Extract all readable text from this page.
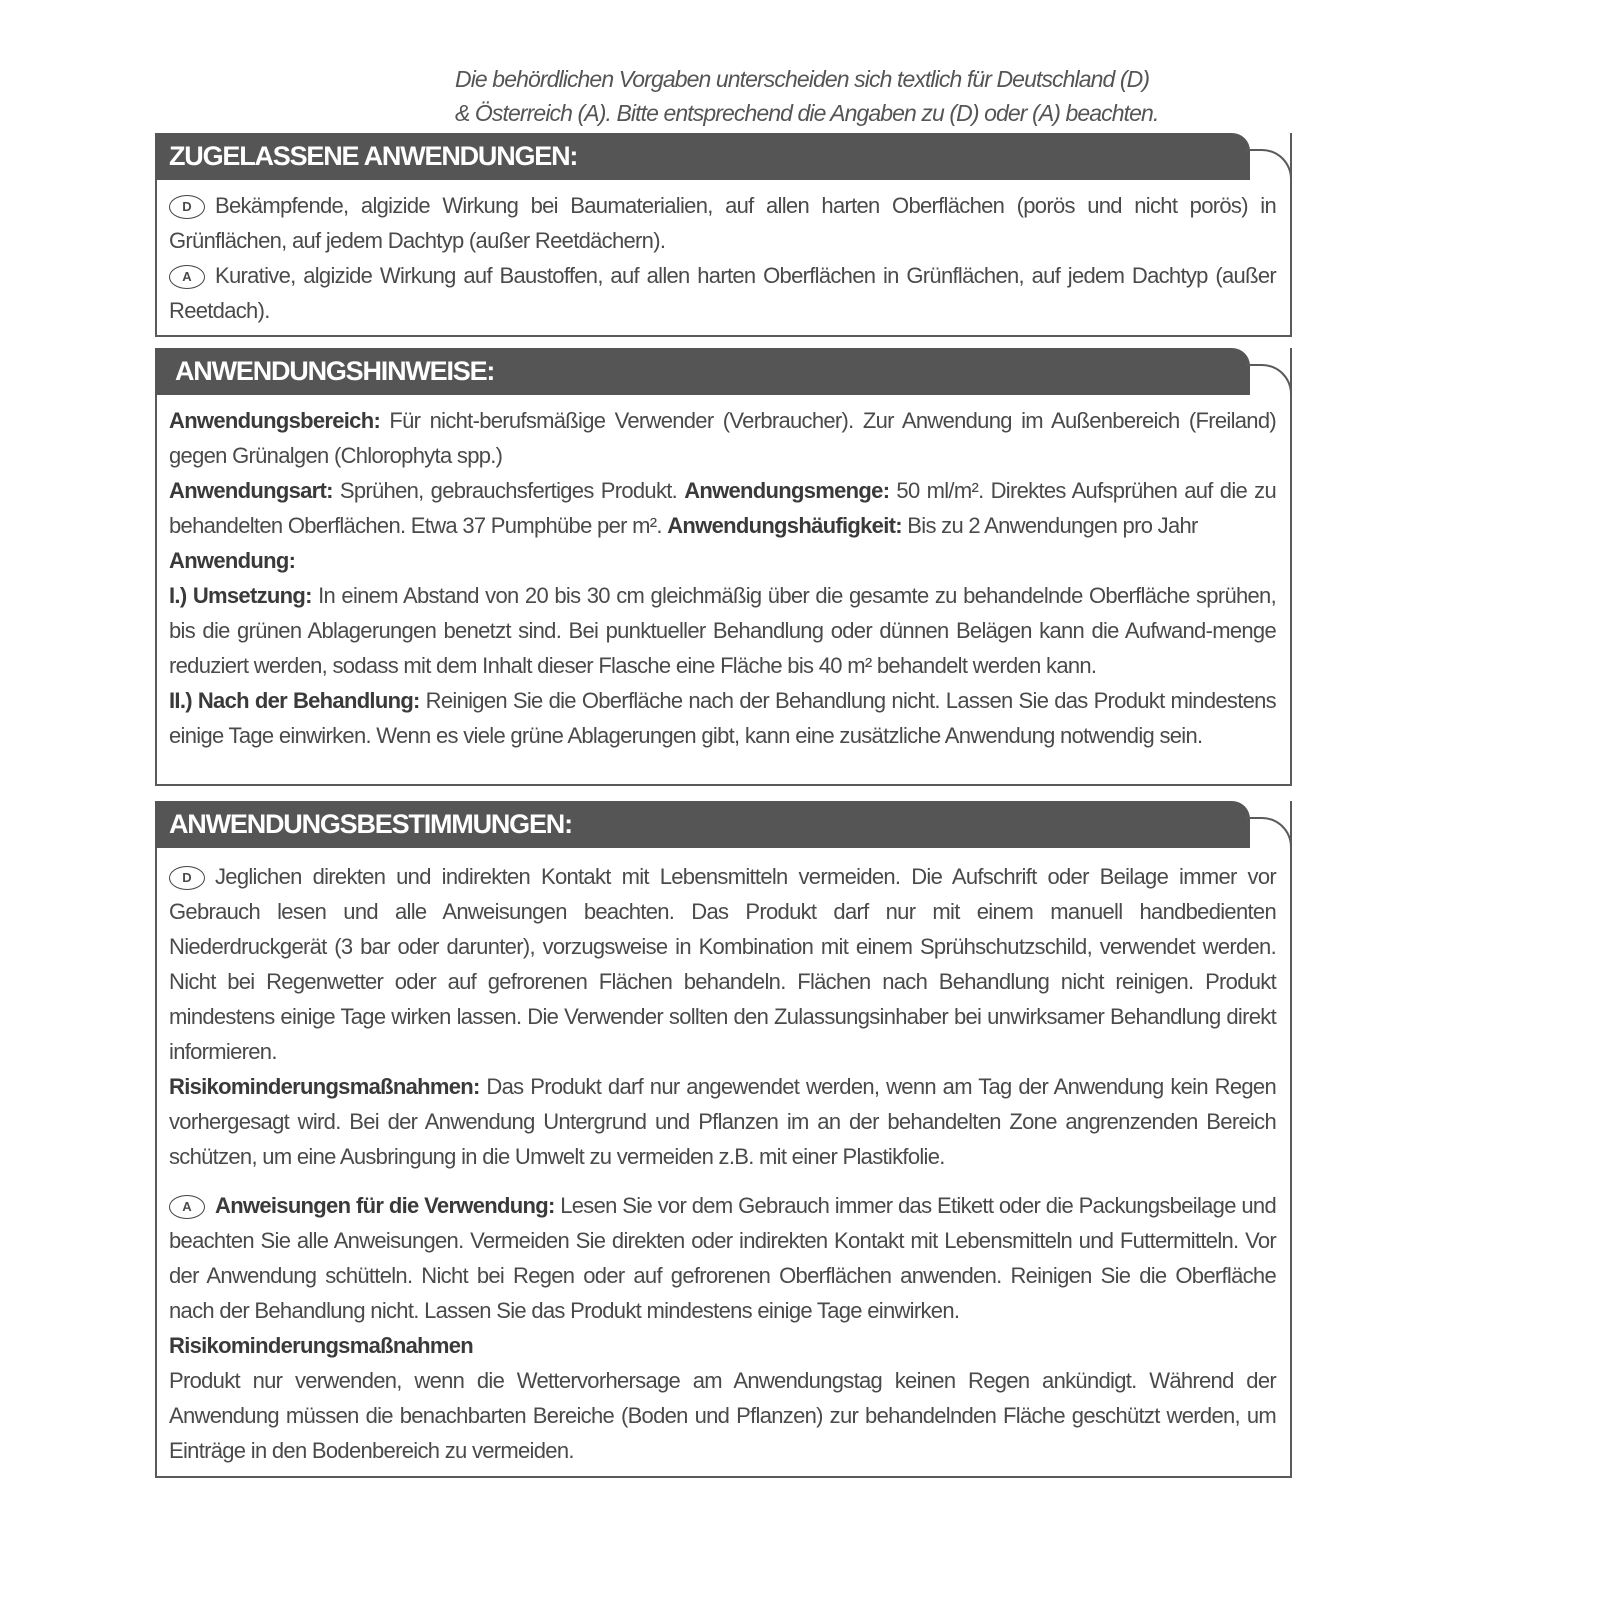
Die behördlichen Vorgaben unterscheiden sich textlich für Deutschland (D)
& Österreich (A). Bitte entsprechend die Angaben zu (D) oder (A) beachten.
ZUGELASSENE ANWENDUNGEN:

D Bekämpfende, algizide Wirkung bei Baumaterialien, auf allen harten Oberflächen (porös und nicht porös) in Grünflächen, auf jedem Dachtyp (außer Reetdächern).

A Kurative, algizide Wirkung auf Baustoffen, auf allen harten Oberflächen in Grünflächen, auf jedem Dachtyp (außer Reetdach).

ANWENDUNGSHINWEISE:

Anwendungsbereich: Für nicht-berufsmäßige Verwender (Verbraucher). Zur Anwendung im Außenbereich (Freiland) gegen Grünalgen (Chlorophyta spp.)

Anwendungsart: Sprühen, gebrauchsfertiges Produkt. Anwendungsmenge: 50 ml/m². Direktes Aufsprühen auf die zu behandelten Oberflächen. Etwa 37 Pumphübe per m². Anwendungshäufigkeit: Bis zu 2 Anwendungen pro Jahr

Anwendung:

I.) Umsetzung: In einem Abstand von 20 bis 30 cm gleichmäßig über die gesamte zu behandelnde Oberfläche sprühen, bis die grünen Ablagerungen benetzt sind. Bei punktueller Behandlung oder dünnen Belägen kann die Aufwand-menge reduziert werden, sodass mit dem Inhalt dieser Flasche eine Fläche bis 40 m² behandelt werden kann.

II.) Nach der Behandlung: Reinigen Sie die Oberfläche nach der Behandlung nicht. Lassen Sie das Produkt mindestens einige Tage einwirken. Wenn es viele grüne Ablagerungen gibt, kann eine zusätzliche Anwendung notwendig sein.

ANWENDUNGSBESTIMMUNGEN:

D Jeglichen direkten und indirekten Kontakt mit Lebensmitteln vermeiden. Die Aufschrift oder Beilage immer vor Gebrauch lesen und alle Anweisungen beachten. Das Produkt darf nur mit einem manuell handbedienten Niederdruckgerät (3 bar oder darunter), vorzugsweise in Kombination mit einem Sprühschutzschild, verwendet werden. Nicht bei Regenwetter oder auf gefrorenen Flächen behandeln. Flächen nach Behandlung nicht reinigen. Produkt mindestens einige Tage wirken lassen. Die Verwender sollten den Zulassungsinhaber bei unwirksamer Behandlung direkt informieren.

Risikominderungsmaßnahmen: Das Produkt darf nur angewendet werden, wenn am Tag der Anwendung kein Regen vorhergesagt wird. Bei der Anwendung Untergrund und Pflanzen im an der behandelten Zone angrenzenden Bereich schützen, um eine Ausbringung in die Umwelt zu vermeiden z.B. mit einer Plastikfolie.

A Anweisungen für die Verwendung: Lesen Sie vor dem Gebrauch immer das Etikett oder die Packungsbeilage und beachten Sie alle Anweisungen. Vermeiden Sie direkten oder indirekten Kontakt mit Lebensmitteln und Futtermitteln. Vor der Anwendung schütteln. Nicht bei Regen oder auf gefrorenen Oberflächen anwenden. Reinigen Sie die Oberfläche nach der Behandlung nicht. Lassen Sie das Produkt mindestens einige Tage einwirken.

Risikominderungsmaßnahmen

Produkt nur verwenden, wenn die Wettervorhersage am Anwendungstag keinen Regen ankündigt. Während der Anwendung müssen die benachbarten Bereiche (Boden und Pflanzen) zur behandelnden Fläche geschützt werden, um Einträge in den Bodenbereich zu vermeiden.
